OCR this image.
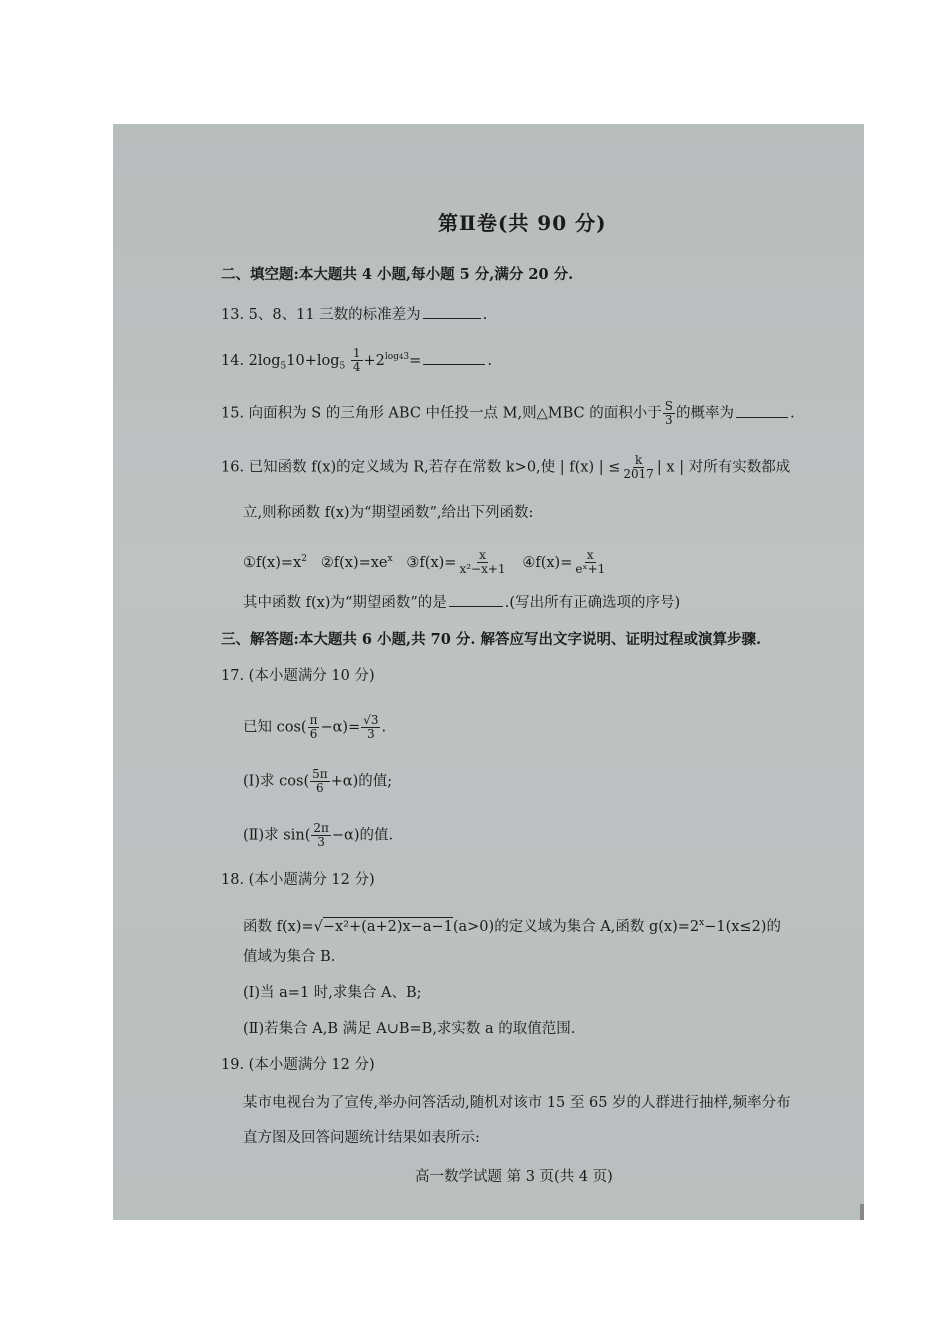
第Ⅱ卷(共 90 分)
二、填空题:本大题共 4 小题,每小题 5 分,满分 20 分.
13. 5、8、11 三数的标准差为	.
14. $2\log_510+\log_5 \frac{1}{4} +2^{log43}=$	.
15. 向面积为 S 的三角形 ABC 中任投一点 M,则△MBC 的面积小于 $\frac{S}{3}$ 的概率为	.
16. 已知函数 f(x)的定义域为 R,若存在常数 k>0,使 | f(x) | ≤ $\frac{k}{2017}$ | x | 对所有实数都成
立,则称函数 f(x)为“期望函数”,给出下列函数:
$①f(x)=x^2$ $②f(x)=xe^x$ ③f(x)= $\frac{x}{\text{x²−x+1}}$ ④f(x)= $\frac{x}{\text{eˣ+1}}$
其中函数 f(x)为“期望函数”的是	.(写出所有正确选项的序号)
三、解答题:本大题共 6 小题,共 70 分. 解答应写出文字说明、证明过程或演算步骤.
17. (本小题满分 10 分)
已知 $\cos( \frac{\pi}{6} -\alpha)= \frac{√3}{3}$ .
(Ⅰ)求 $\cos( \frac{5\pi}{6} +\alpha)$的值;
(Ⅱ)求 $\sin( \frac{2\pi}{3} -\alpha)$的值.
18. (本小题满分 12 分)
函数 f(x)=√−x²+(a+2)x−a−1(a>0)的定义域为集合 A,函数 $g(x)=2^x-1(x\le 2)$的
值域为集合 B.
(Ⅰ)当 a=1 时,求集合 A、B;
(Ⅱ)若集合 A,B 满足 A∪B=B,求实数 a 的取值范围.
19. (本小题满分 12 分)
某市电视台为了宣传,举办问答活动,随机对该市 15 至 65 岁的人群进行抽样,频率分布
直方图及回答问题统计结果如表所示:
高一数学试题 第 3 页(共 4 页)
